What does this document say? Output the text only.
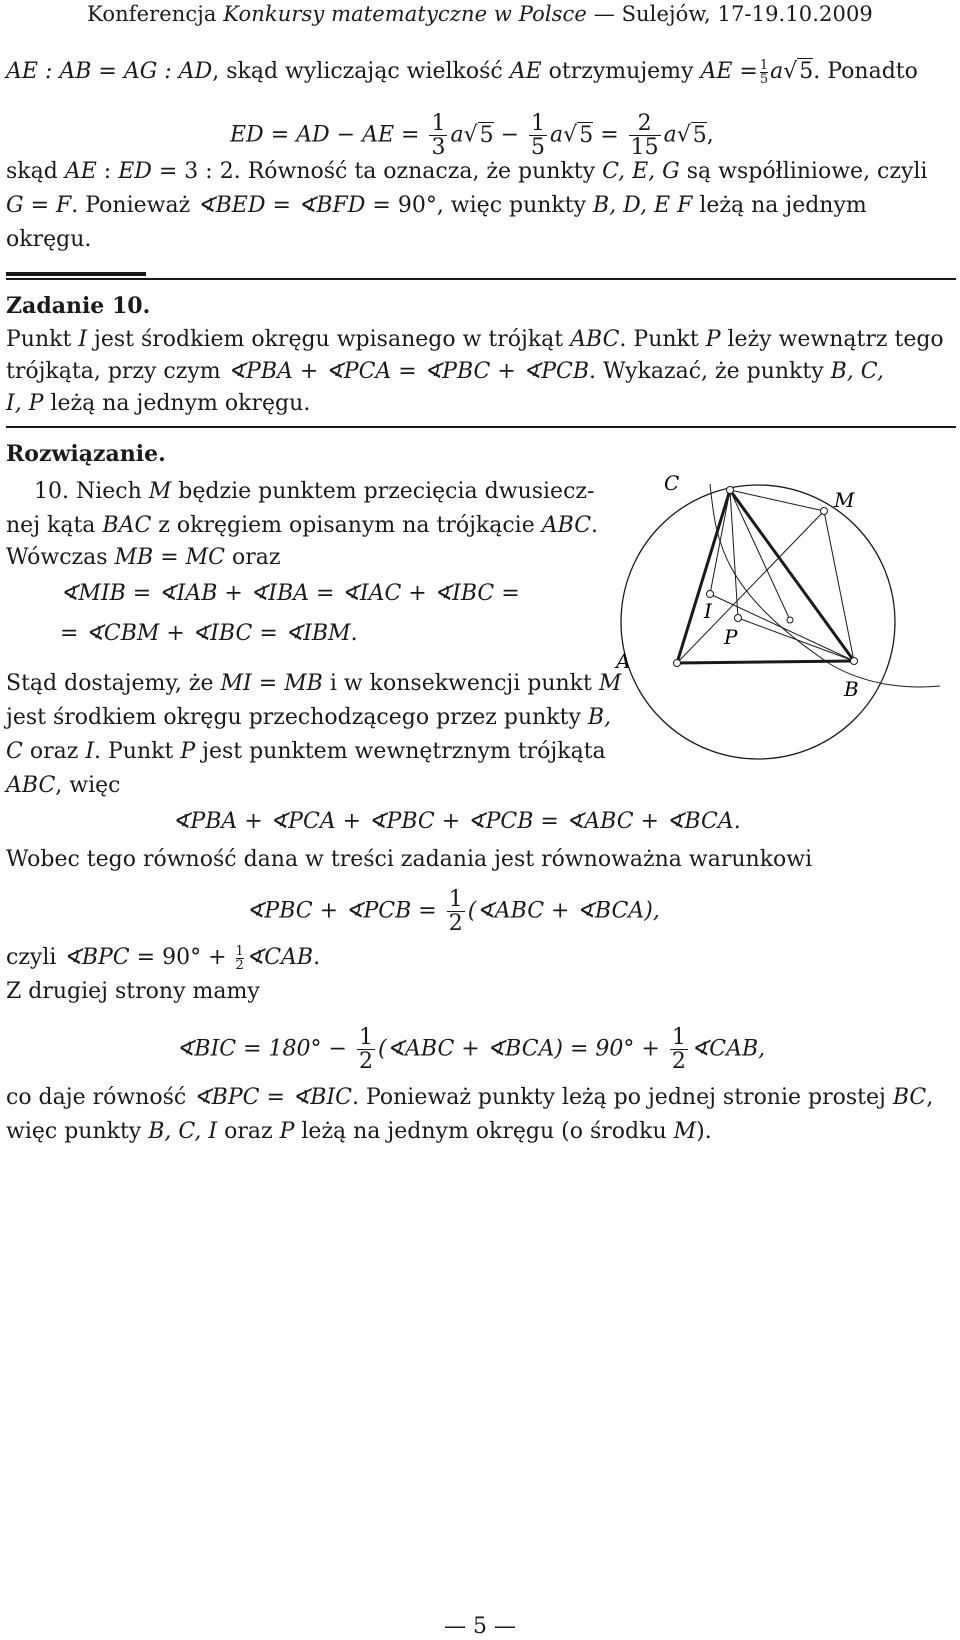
Konferencja Konkursy matematyczne w Polsce — Sulejów, 17-19.10.2009
AE : AB = AG : AD, skąd wyliczając wielkość AE otrzymujemy AE = $\frac{1}{5} a√5$. Ponadto
ED = AD − AE = $\frac{1}{3} a√5 - \frac{1}{5} a√5 = \frac{2}{15} a√5$,
skąd AE : ED = 3 : 2. Równość ta oznacza, że punkty C, E, G są współliniowe, czyli
G = F. Ponieważ ∢BED = ∢BFD = 90°, więc punkty B, D, E F leżą na jednym
okręgu.
Zadanie 10.
Punkt I jest środkiem okręgu wpisanego w trójkąt ABC. Punkt P leży wewnątrz tego
trójkąta, przy czym ∢PBA + ∢PCA = ∢PBC + ∢PCB. Wykazać, że punkty B, C,
I, P leżą na jednym okręgu.
Rozwiązanie.
10. Niech M będzie punktem przecięcia dwusiecz-
nej kąta BAC z okręgiem opisanym na trójkącie ABC.
Wówczas MB = MC oraz
∢MIB = ∢IAB + ∢IBA = ∢IAC + ∢IBC =
= ∢CBM + ∢IBC = ∢IBM.
Stąd dostajemy, że MI = MB i w konsekwencji punkt M
jest środkiem okręgu przechodzącego przez punkty B,
C oraz I. Punkt P jest punktem wewnętrznym trójkąta
ABC, więc
∢PBA + ∢PCA + ∢PBC + ∢PCB = ∢ABC + ∢BCA.
Wobec tego równość dana w treści zadania jest równoważna warunkowi
∢PBC + ∢PCB = $\frac{1}{2}$ (∢ABC + ∢BCA),
czyli ∢BPC = $90^\circ + \frac{1}{2}$ ∢CAB.
Z drugiej strony mamy
∢BIC = $180^\circ - \frac{1}{2}$ (∢ABC + ∢BCA) = $90^\circ + \frac{1}{2}$ ∢CAB,
co daje równość ∢BPC = ∢BIC. Ponieważ punkty leżą po jednej stronie prostej BC,
więc punkty B, C, I oraz P leżą na jednym okręgu (o środku M).
A
B
C
M
I
P
— 5 —
